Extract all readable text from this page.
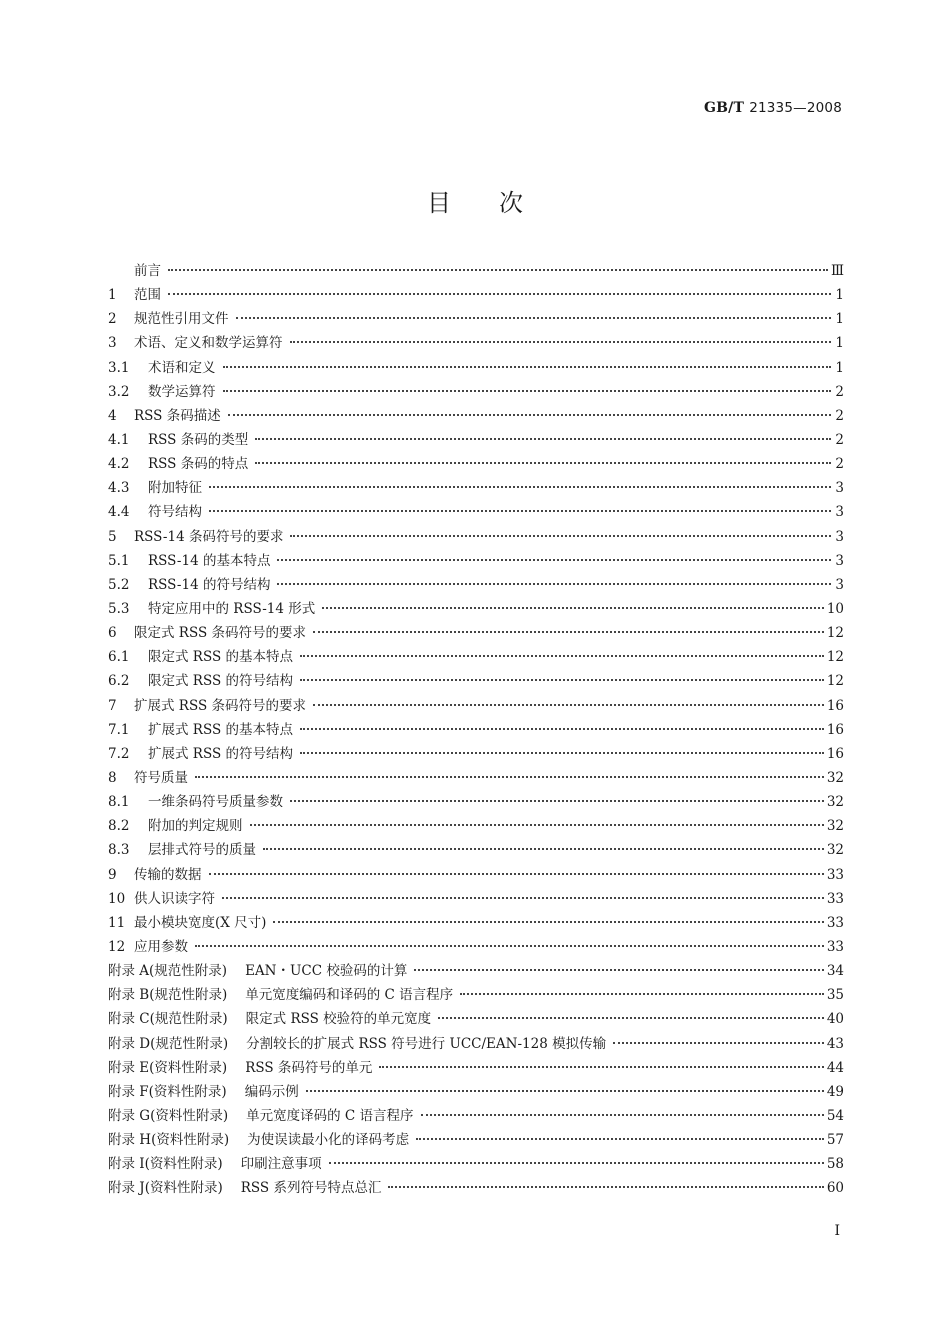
GB/T 21335—2008
目次
前言	Ⅲ
1 范围	1
2 规范性引用文件	1
3 术语、定义和数学运算符	1
3.1 术语和定义	1
3.2 数学运算符	2
4 RSS 条码描述	2
4.1 RSS 条码的类型	2
4.2 RSS 条码的特点	2
4.3 附加特征	3
4.4 符号结构	3
5 RSS-14 条码符号的要求	3
5.1 RSS-14 的基本特点	3
5.2 RSS-14 的符号结构	3
5.3 特定应用中的 RSS-14 形式	10
6 限定式 RSS 条码符号的要求	12
6.1 限定式 RSS 的基本特点	12
6.2 限定式 RSS 的符号结构	12
7 扩展式 RSS 条码符号的要求	16
7.1 扩展式 RSS 的基本特点	16
7.2 扩展式 RSS 的符号结构	16
8 符号质量	32
8.1 一维条码符号质量参数	32
8.2 附加的判定规则	32
8.3 层排式符号的质量	32
9 传输的数据	33
10 供人识读字符	33
11 最小模块宽度(X 尺寸)	33
12 应用参数	33
附录 A(规范性附录) EAN・UCC 校验码的计算	34
附录 B(规范性附录) 单元宽度编码和译码的 C 语言程序	35
附录 C(规范性附录) 限定式 RSS 校验符的单元宽度	40
附录 D(规范性附录) 分割较长的扩展式 RSS 符号进行 UCC/EAN-128 模拟传输	43
附录 E(资料性附录) RSS 条码符号的单元	44
附录 F(资料性附录) 编码示例	49
附录 G(资料性附录) 单元宽度译码的 C 语言程序	54
附录 H(资料性附录) 为使误读最小化的译码考虑	57
附录 I(资料性附录) 印刷注意事项	58
附录 J(资料性附录) RSS 系列符号特点总汇	60
I
